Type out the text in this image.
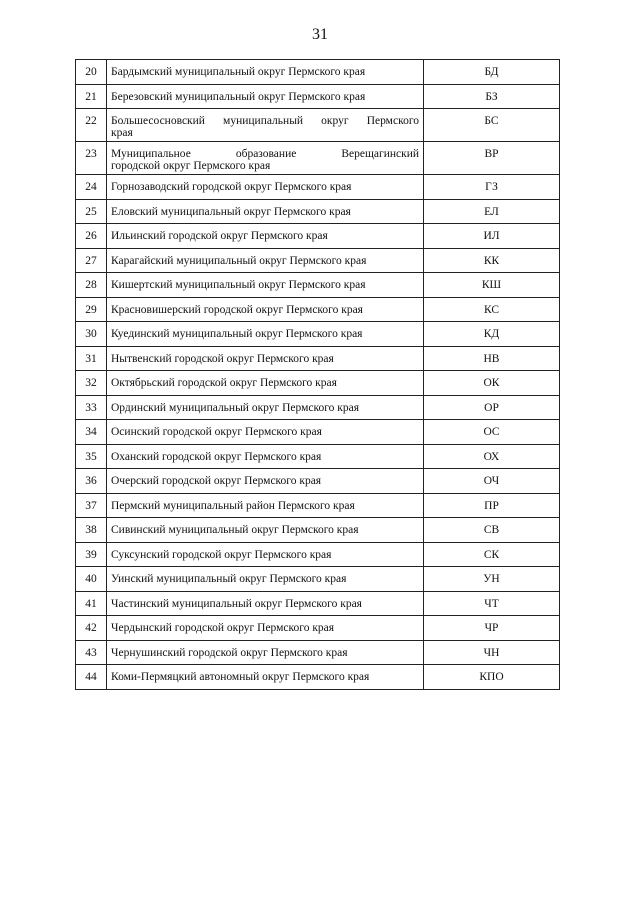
31
20	Бардымский муниципальный округ Пермского края	БД
21	Березовский муниципальный округ Пермского края	БЗ
22	Большесосновский муниципальный округ Пермского
края	БС
23	Муниципальное образование Верещагинский
городской округ Пермского края	ВР
24	Горнозаводский городской округ Пермского края	ГЗ
25	Еловский муниципальный округ Пермского края	ЕЛ
26	Ильинский городской округ Пермского края	ИЛ
27	Карагайский муниципальный округ Пермского края	КК
28	Кишертский муниципальный округ Пермского края	КШ
29	Красновишерский городской округ Пермского края	КС
30	Куединский муниципальный округ Пермского края	КД
31	Нытвенский городской округ Пермского края	НВ
32	Октябрьский городской округ Пермского края	ОК
33	Ординский муниципальный округ Пермского края	ОР
34	Осинский городской округ Пермского края	ОС
35	Оханский городской округ Пермского края	ОХ
36	Очерский городской округ Пермского края	ОЧ
37	Пермский муниципальный район Пермского края	ПР
38	Сивинский муниципальный округ Пермского края	СВ
39	Суксунский городской округ Пермского края	СК
40	Уинский муниципальный округ Пермского края	УН
41	Частинский муниципальный округ Пермского края	ЧТ
42	Чердынский городской округ Пермского края	ЧР
43	Чернушинский городской округ Пермского края	ЧН
44	Коми-Пермяцкий автономный округ Пермского края	КПО
